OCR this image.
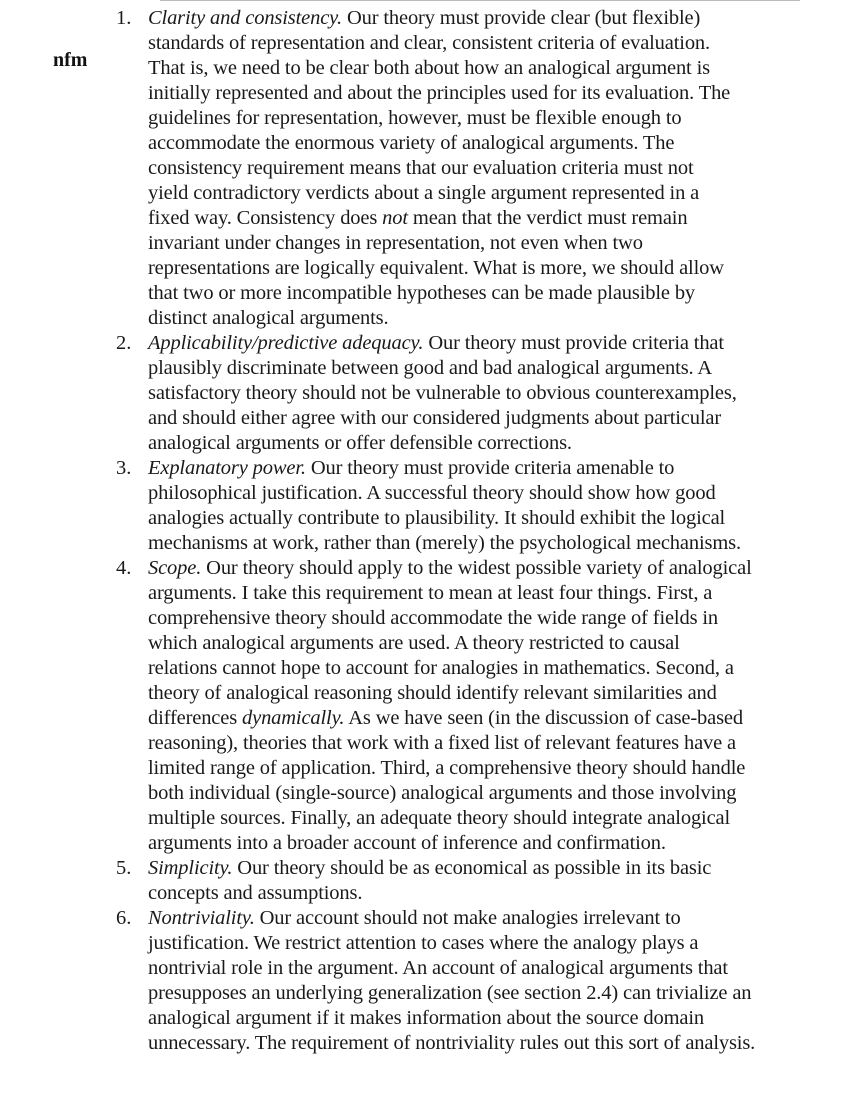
nfm
1. Clarity and consistency. Our theory must provide clear (but flexible)
standards of representation and clear, consistent criteria of evaluation.
That is, we need to be clear both about how an analogical argument is
initially represented and about the principles used for its evaluation. The
guidelines for representation, however, must be flexible enough to
accommodate the enormous variety of analogical arguments. The
consistency requirement means that our evaluation criteria must not
yield contradictory verdicts about a single argument represented in a
fixed way. Consistency does not mean that the verdict must remain
invariant under changes in representation, not even when two
representations are logically equivalent. What is more, we should allow
that two or more incompatible hypotheses can be made plausible by
distinct analogical arguments.
2. Applicability/predictive adequacy. Our theory must provide criteria that
plausibly discriminate between good and bad analogical arguments. A
satisfactory theory should not be vulnerable to obvious counterexamples,
and should either agree with our considered judgments about particular
analogical arguments or offer defensible corrections.
3. Explanatory power. Our theory must provide criteria amenable to
philosophical justification. A successful theory should show how good
analogies actually contribute to plausibility. It should exhibit the logical
mechanisms at work, rather than (merely) the psychological mechanisms.
4. Scope. Our theory should apply to the widest possible variety of analogical
arguments. I take this requirement to mean at least four things. First, a
comprehensive theory should accommodate the wide range of fields in
which analogical arguments are used. A theory restricted to causal
relations cannot hope to account for analogies in mathematics. Second, a
theory of analogical reasoning should identify relevant similarities and
differences dynamically. As we have seen (in the discussion of case-based
reasoning), theories that work with a fixed list of relevant features have a
limited range of application. Third, a comprehensive theory should handle
both individual (single-source) analogical arguments and those involving
multiple sources. Finally, an adequate theory should integrate analogical
arguments into a broader account of inference and confirmation.
5. Simplicity. Our theory should be as economical as possible in its basic
concepts and assumptions.
6. Nontriviality. Our account should not make analogies irrelevant to
justification. We restrict attention to cases where the analogy plays a
nontrivial role in the argument. An account of analogical arguments that
presupposes an underlying generalization (see section 2.4) can trivialize an
analogical argument if it makes information about the source domain
unnecessary. The requirement of nontriviality rules out this sort of analysis.
